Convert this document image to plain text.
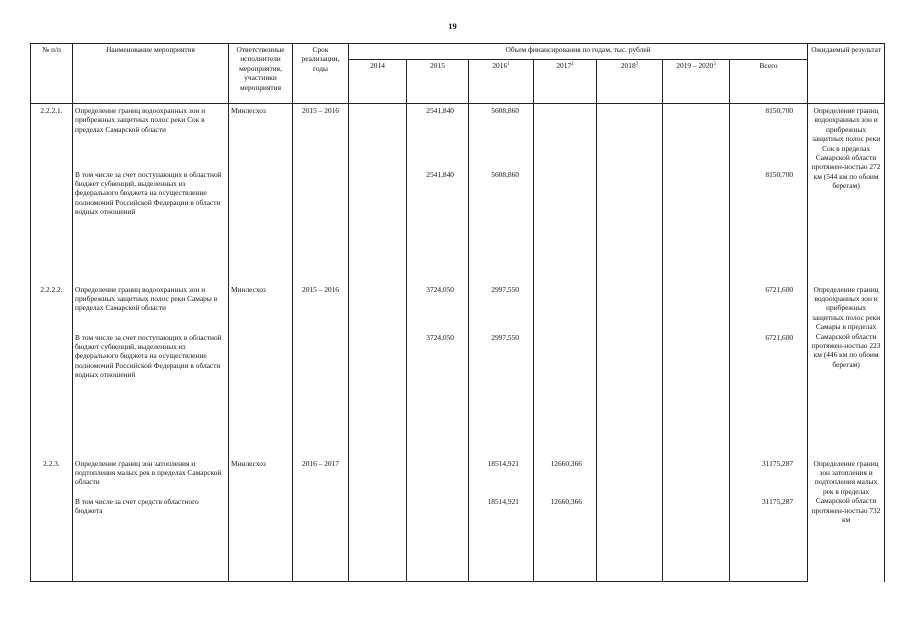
19
№ п/п	Наименование мероприятия	Ответственные исполнители мероприятия, участники мероприятия	Срок реализации, годы	Объем финансирования по годам, тыс. рублей							Ожидаемый результат
				2014	2015	2016$^1$	2017$^2$	2018$^3$	2019 – 2020$^3$	Всего	
2.2.2.1.	Определение границ водоохранных зон и прибрежных защитных полос реки Сок в пределах Самарской области	Минлесхоз	2015 – 2016		2541,840	5608,860				8150,700	Определение границ водоохранных зон и прибрежных защитных полос реки Сок в пределах Самарской области протяжен-ностью 272 км (544 км по обоим берегам)
	В том числе за счет поступающих в областной бюджет субвенций, выделенных из федерального бюджета на осуществление полномочий Российской Федерации в области водных отношений				2541,840	5608,860				8150,700	
2.2.2.2.	Определение границ водоохранных зон и прибрежных защитных полос реки Самары в пределах Самарской области	Минлесхоз	2015 – 2016		3724,050	2997,550				6721,600	Определение границ водоохранных зон и прибрежных защитных полос реки Самары в пределах Самарской области протяжен-ностью 223 км (446 км по обоим берегам)
	В том числе за счет поступающих в областной бюджет субвенций, выделенных из федерального бюджета на осуществление полномочий Российской Федерации в области водных отношений				3724,050	2997,550				6721,600	
2.2.3.	Определение границ зон затопления и подтопления малых рек в пределах Самарской области	Минлесхоз	2016 – 2017			18514,921	12660,366			31175,287	Определение границ зон затопления и подтопления малых рек в пределах Самарской области протяжен-ностью 732 км
	В том числе за счет средств областного бюджета					18514,921	12660,366			31175,287	
